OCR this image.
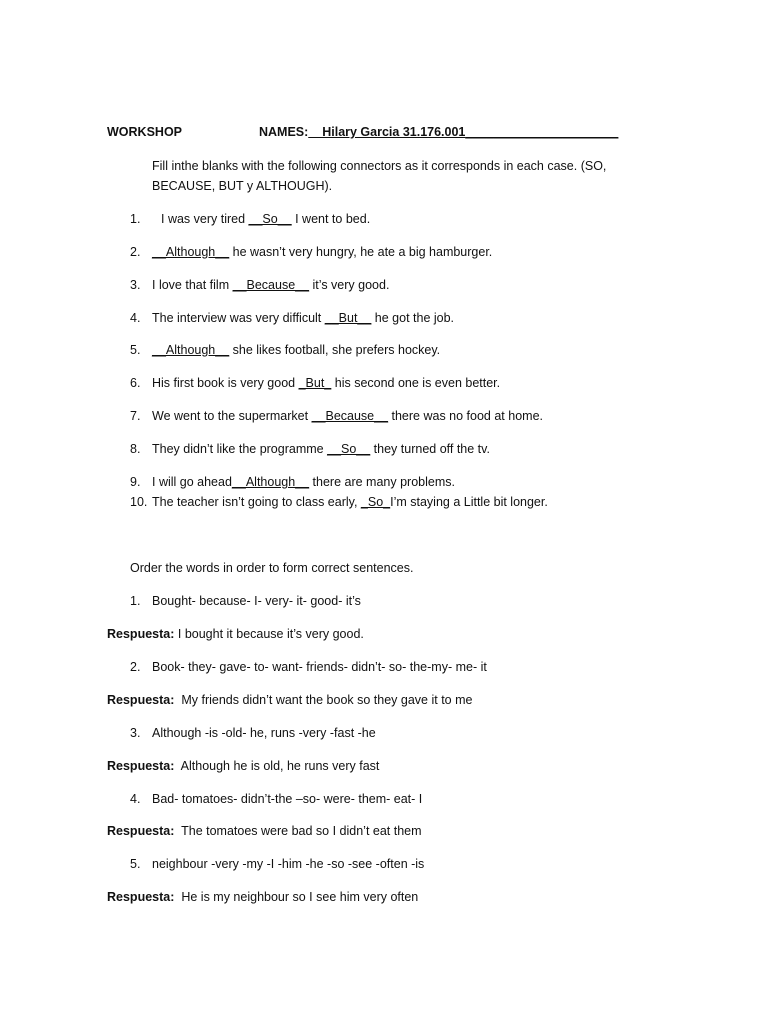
WORKSHOP	NAMES:__Hilary Garcia 31.176.001______________________
Fill inthe blanks with the following connectors as it corresponds in each case. (SO,
BECAUSE, BUT y ALTHOUGH).
1. I was very tired __So__ I went to bed.
2. __Although__ he wasn’t very hungry, he ate a big hamburger.
3. I love that film __Because__ it’s very good.
4. The interview was very difficult __But__ he got the job.
5. __Although__ she likes football, she prefers hockey.
6. His first book is very good _But_ his second one is even better.
7. We went to the supermarket __Because__ there was no food at home.
8. They didn’t like the programme __So__ they turned off the tv.
9. I will go ahead__Although__ there are many problems.
10. The teacher isn’t going to class early, _So_I’m staying a Little bit longer.
Order the words in order to form correct sentences.
1. Bought- because- I- very- it- good- it’s
Respuesta: I bought it because it’s very good.
2. Book- they- gave- to- want- friends- didn’t- so- the-my- me- it
Respuesta: My friends didn’t want the book so they gave it to me
3. Although -is -old- he, runs -very -fast -he
Respuesta: Although he is old, he runs very fast
4. Bad- tomatoes- didn’t-the –so- were- them- eat- I
Respuesta: The tomatoes were bad so I didn’t eat them
5. neighbour -very -my -I -him -he -so -see -often -is
Respuesta: He is my neighbour so I see him very often
